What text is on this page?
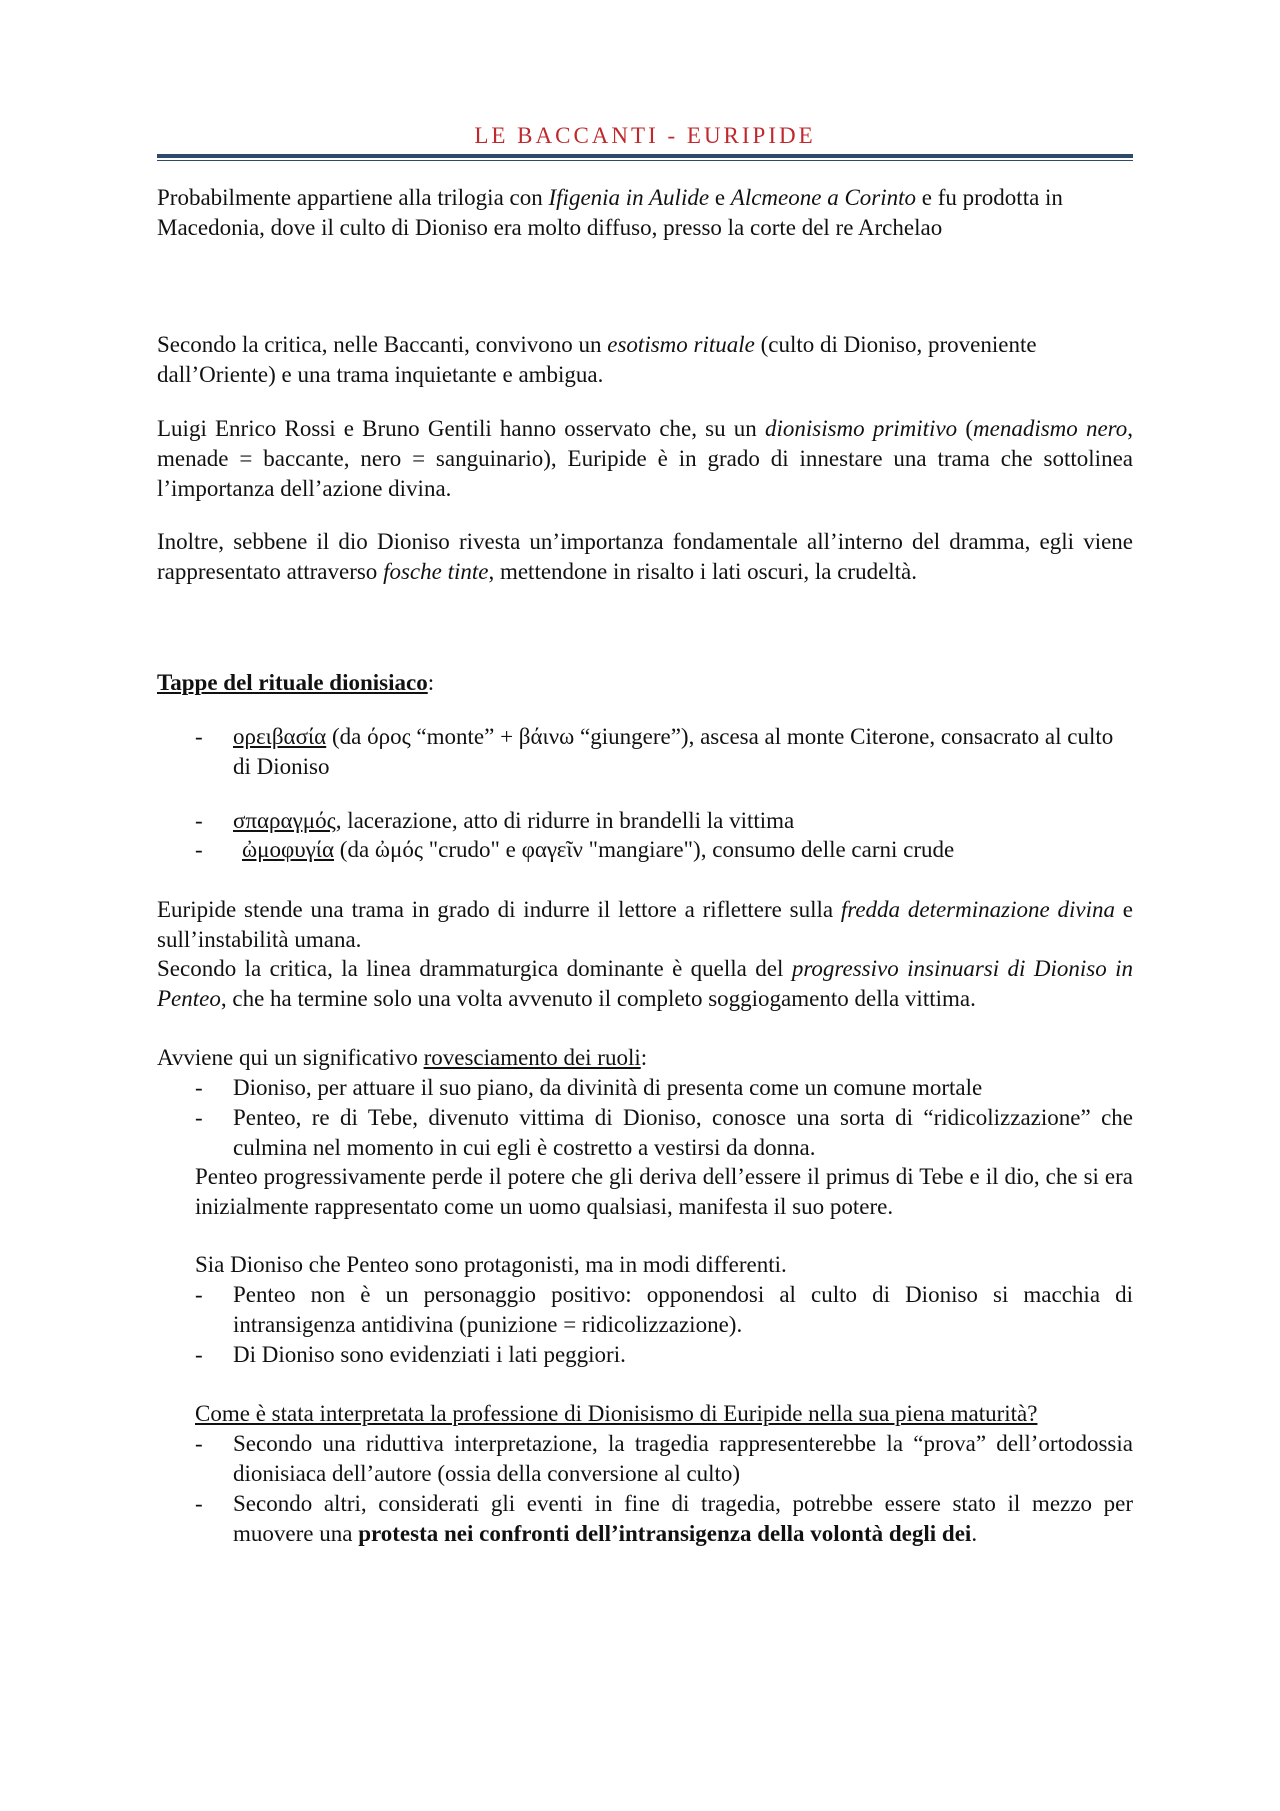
LE BACCANTI - EURIPIDE
Probabilmente appartiene alla trilogia con Ifigenia in Aulide e Alcmeone a Corinto e fu prodotta in Macedonia, dove il culto di Dioniso era molto diffuso, presso la corte del re Archelao
Secondo la critica, nelle Baccanti, convivono un esotismo rituale (culto di Dioniso, proveniente dall’Oriente) e una trama inquietante e ambigua.
Luigi Enrico Rossi e Bruno Gentili hanno osservato che, su un dionisismo primitivo (menadismo nero, menade = baccante, nero = sanguinario), Euripide è in grado di innestare una trama che sottolinea l’importanza dell’azione divina.
Inoltre, sebbene il dio Dioniso rivesta un’importanza fondamentale all’interno del dramma, egli viene rappresentato attraverso fosche tinte, mettendone in risalto i lati oscuri, la crudeltà.
Tappe del rituale dionisiaco:
-	ορειβασία (da όρος “monte” + βάινω “giungere”), ascesa al monte Citerone, consacrato al culto di Dioniso
-	σπαραγμός, lacerazione, atto di ridurre in brandelli la vittima
-	ὠμοφυγία (da ὠμός "crudo" e φαγεῖν "mangiare"), consumo delle carni crude
Euripide stende una trama in grado di indurre il lettore a riflettere sulla fredda determinazione divina e sull’instabilità umana.
Secondo la critica, la linea drammaturgica dominante è quella del progressivo insinuarsi di Dioniso in Penteo, che ha termine solo una volta avvenuto il completo soggiogamento della vittima.
Avviene qui un significativo rovesciamento dei ruoli:
-	Dioniso, per attuare il suo piano, da divinità di presenta come un comune mortale
-	Penteo, re di Tebe, divenuto vittima di Dioniso, conosce una sorta di “ridicolizzazione” che culmina nel momento in cui egli è costretto a vestirsi da donna.
Penteo progressivamente perde il potere che gli deriva dell’essere il primus di Tebe e il dio, che si era inizialmente rappresentato come un uomo qualsiasi, manifesta il suo potere.
Sia Dioniso che Penteo sono protagonisti, ma in modi differenti.
-	Penteo non è un personaggio positivo: opponendosi al culto di Dioniso si macchia di intransigenza antidivina (punizione = ridicolizzazione).
-	Di Dioniso sono evidenziati i lati peggiori.
Come è stata interpretata la professione di Dionisismo di Euripide nella sua piena maturità?
-	Secondo una riduttiva interpretazione, la tragedia rappresenterebbe la “prova” dell’ortodossia dionisiaca dell’autore (ossia della conversione al culto)
-	Secondo altri, considerati gli eventi in fine di tragedia, potrebbe essere stato il mezzo per muovere una protesta nei confronti dell’intransigenza della volontà degli dei.
